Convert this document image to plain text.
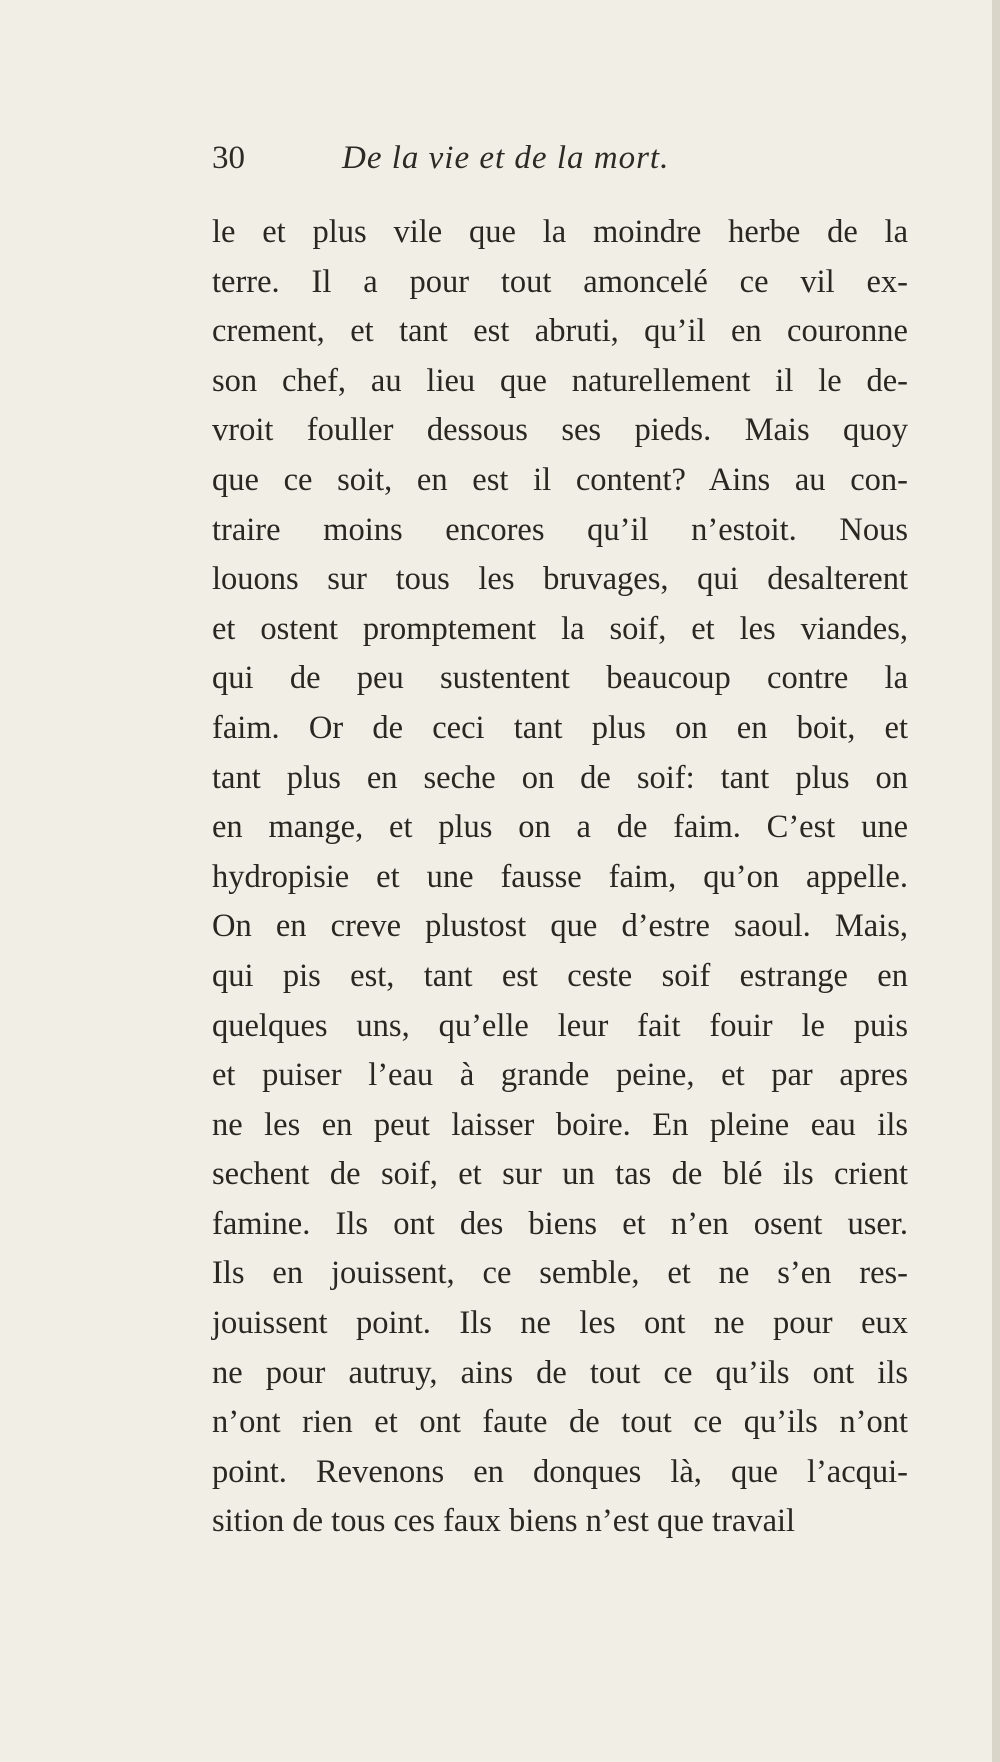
30	De la vie et de la mort.
le et plus vile que la moindre herbe de la
terre. Il a pour tout amoncelé ce vil ex-
crement, et tant est abruti, qu’il en couronne
son chef, au lieu que naturellement il le de-
vroit fouller dessous ses pieds. Mais quoy
que ce soit, en est il content? Ains au con-
traire moins encores qu’il n’estoit. Nous
louons sur tous les bruvages, qui desalterent
et ostent promptement la soif, et les viandes,
qui de peu sustentent beaucoup contre la
faim. Or de ceci tant plus on en boit, et
tant plus en seche on de soif: tant plus on
en mange, et plus on a de faim. C’est une
hydropisie et une fausse faim, qu’on appelle.
On en creve plustost que d’estre saoul. Mais,
qui pis est, tant est ceste soif estrange en
quelques uns, qu’elle leur fait fouir le puis
et puiser l’eau à grande peine, et par apres
ne les en peut laisser boire. En pleine eau ils
sechent de soif, et sur un tas de blé ils crient
famine. Ils ont des biens et n’en osent user.
Ils en jouissent, ce semble, et ne s’en res-
jouissent point. Ils ne les ont ne pour eux
ne pour autruy, ains de tout ce qu’ils ont ils
n’ont rien et ont faute de tout ce qu’ils n’ont
point. Revenons en donques là, que l’acqui-
sition de tous ces faux biens n’est que travail
